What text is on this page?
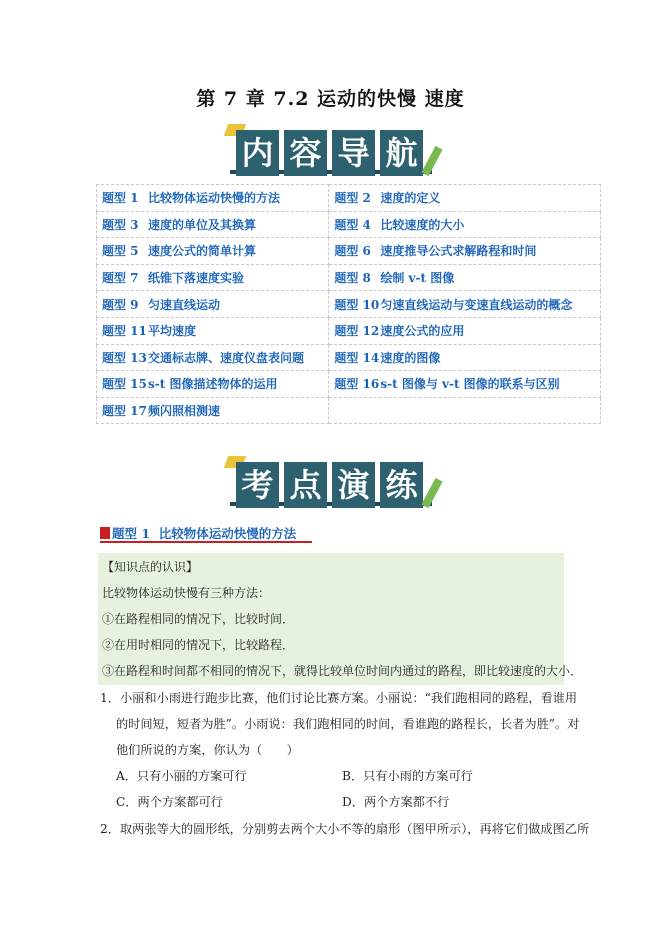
第 7 章 7.2 运动的快慢 速度
内 容 导 航
题型 1 比较物体运动快慢的方法	题型 2 速度的定义
题型 3 速度的单位及其换算	题型 4 比较速度的大小
题型 5 速度公式的简单计算	题型 6 速度推导公式求解路程和时间
题型 7 纸锥下落速度实验	题型 8 绘制 v-t 图像
题型 9 匀速直线运动	题型 10匀速直线运动与变速直线运动的概念
题型 11平均速度	题型 12速度公式的应用
题型 13交通标志牌、速度仪盘表问题	题型 14速度的图像
题型 15s-t 图像描述物体的运用	题型 16s-t 图像与 v-t 图像的联系与区别
题型 17频闪照相测速	
考 点 演 练
题型 1 比较物体运动快慢的方法
【知识点的认识】
比较物体运动快慢有三种方法：
①在路程相同的情况下，比较时间．
②在用时相同的情况下，比较路程．
③在路程和时间都不相同的情况下，就得比较单位时间内通过的路程，即比较速度的大小．
1．小丽和小雨进行跑步比赛，他们讨论比赛方案。小丽说：“我们跑相同的路程，看谁用
的时间短，短者为胜”。小雨说：我们跑相同的时间，看谁跑的路程长，长者为胜”。对
他们所说的方案，你认为（　　）
A．只有小丽的方案可行	B．只有小雨的方案可行
C．两个方案都可行	D．两个方案都不行
2．取两张等大的圆形纸，分别剪去两个大小不等的扇形（图甲所示），再将它们做成图乙所
